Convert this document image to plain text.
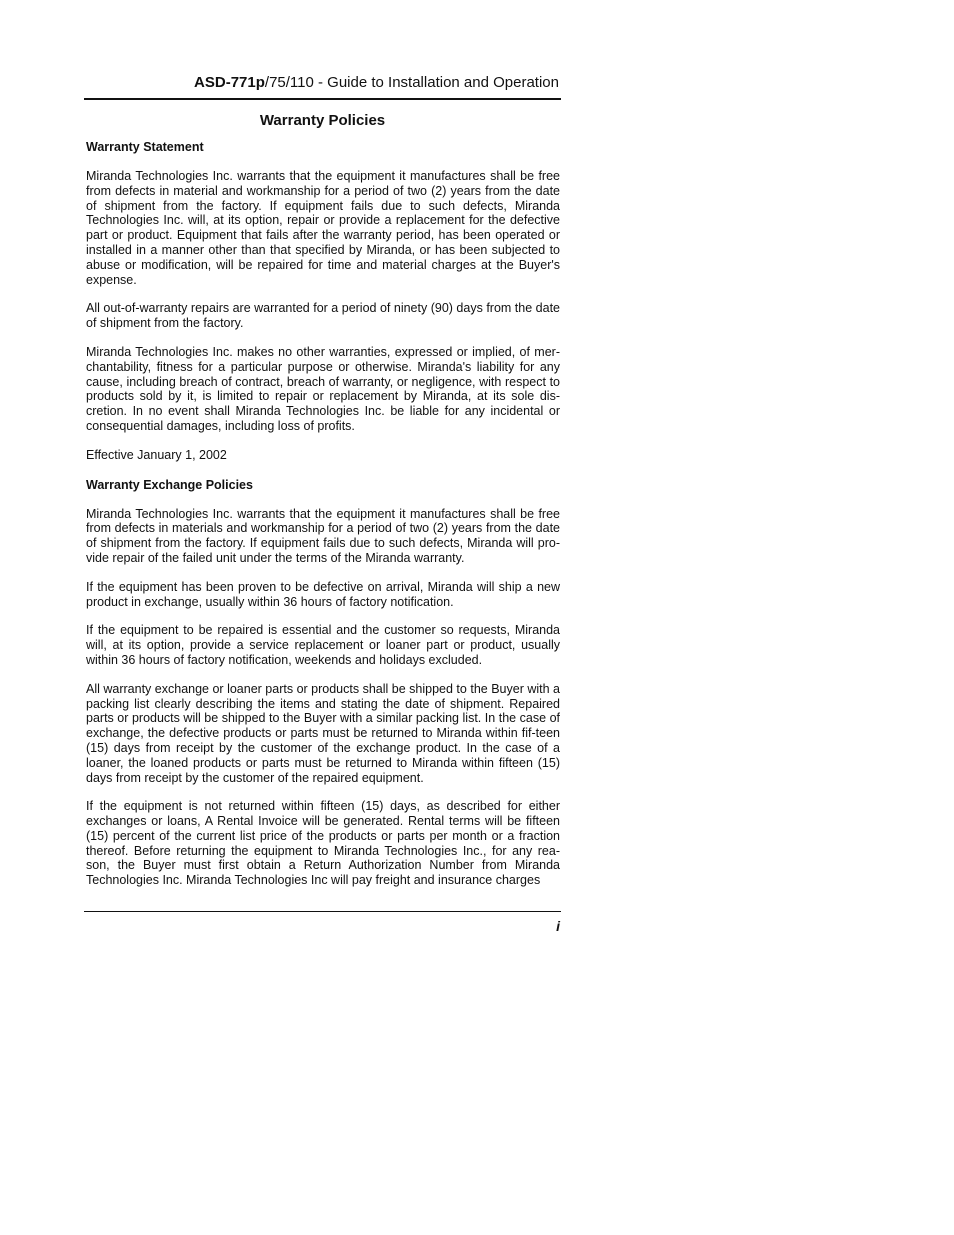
ASD-771p/75/110 - Guide to Installation and Operation
Warranty Policies
Warranty Statement

Miranda Technologies Inc. warrants that the equipment it manufactures shall be free from defects in material and workmanship for a period of two (2) years from the date of shipment from the factory. If equipment fails due to such defects, Miranda Technologies Inc. will, at its option, repair or provide a replacement for the defective part or product. Equipment that fails after the warranty period, has been operated or installed in a manner other than that specified by Miranda, or has been subjected to abuse or modification, will be repaired for time and material charges at the Buyer's expense.

All out-of-warranty repairs are warranted for a period of ninety (90) days from the date of shipment from the factory.

Miranda Technologies Inc. makes no other warranties, expressed or implied, of mer-chantability, fitness for a particular purpose or otherwise. Miranda's liability for any cause, including breach of contract, breach of warranty, or negligence, with respect to products sold by it, is limited to repair or replacement by Miranda, at its sole dis-cretion. In no event shall Miranda Technologies Inc. be liable for any incidental or consequential damages, including loss of profits.

Effective January 1, 2002

Warranty Exchange Policies

Miranda Technologies Inc. warrants that the equipment it manufactures shall be free from defects in materials and workmanship for a period of two (2) years from the date of shipment from the factory. If equipment fails due to such defects, Miranda will pro-vide repair of the failed unit under the terms of the Miranda warranty.

If the equipment has been proven to be defective on arrival, Miranda will ship a new product in exchange, usually within 36 hours of factory notification.

If the equipment to be repaired is essential and the customer so requests, Miranda will, at its option, provide a service replacement or loaner part or product, usually within 36 hours of factory notification, weekends and holidays excluded.

All warranty exchange or loaner parts or products shall be shipped to the Buyer with a packing list clearly describing the items and stating the date of shipment. Repaired parts or products will be shipped to the Buyer with a similar packing list. In the case of exchange, the defective products or parts must be returned to Miranda within fif-teen (15) days from receipt by the customer of the exchange product. In the case of a loaner, the loaned products or parts must be returned to Miranda within fifteen (15) days from receipt by the customer of the repaired equipment.

If the equipment is not returned within fifteen (15) days, as described for either exchanges or loans, A Rental Invoice will be generated. Rental terms will be fifteen (15) percent of the current list price of the products or parts per month or a fraction thereof. Before returning the equipment to Miranda Technologies Inc., for any rea-son, the Buyer must first obtain a Return Authorization Number from Miranda Technologies Inc. Miranda Technologies Inc will pay freight and insurance charges

i
